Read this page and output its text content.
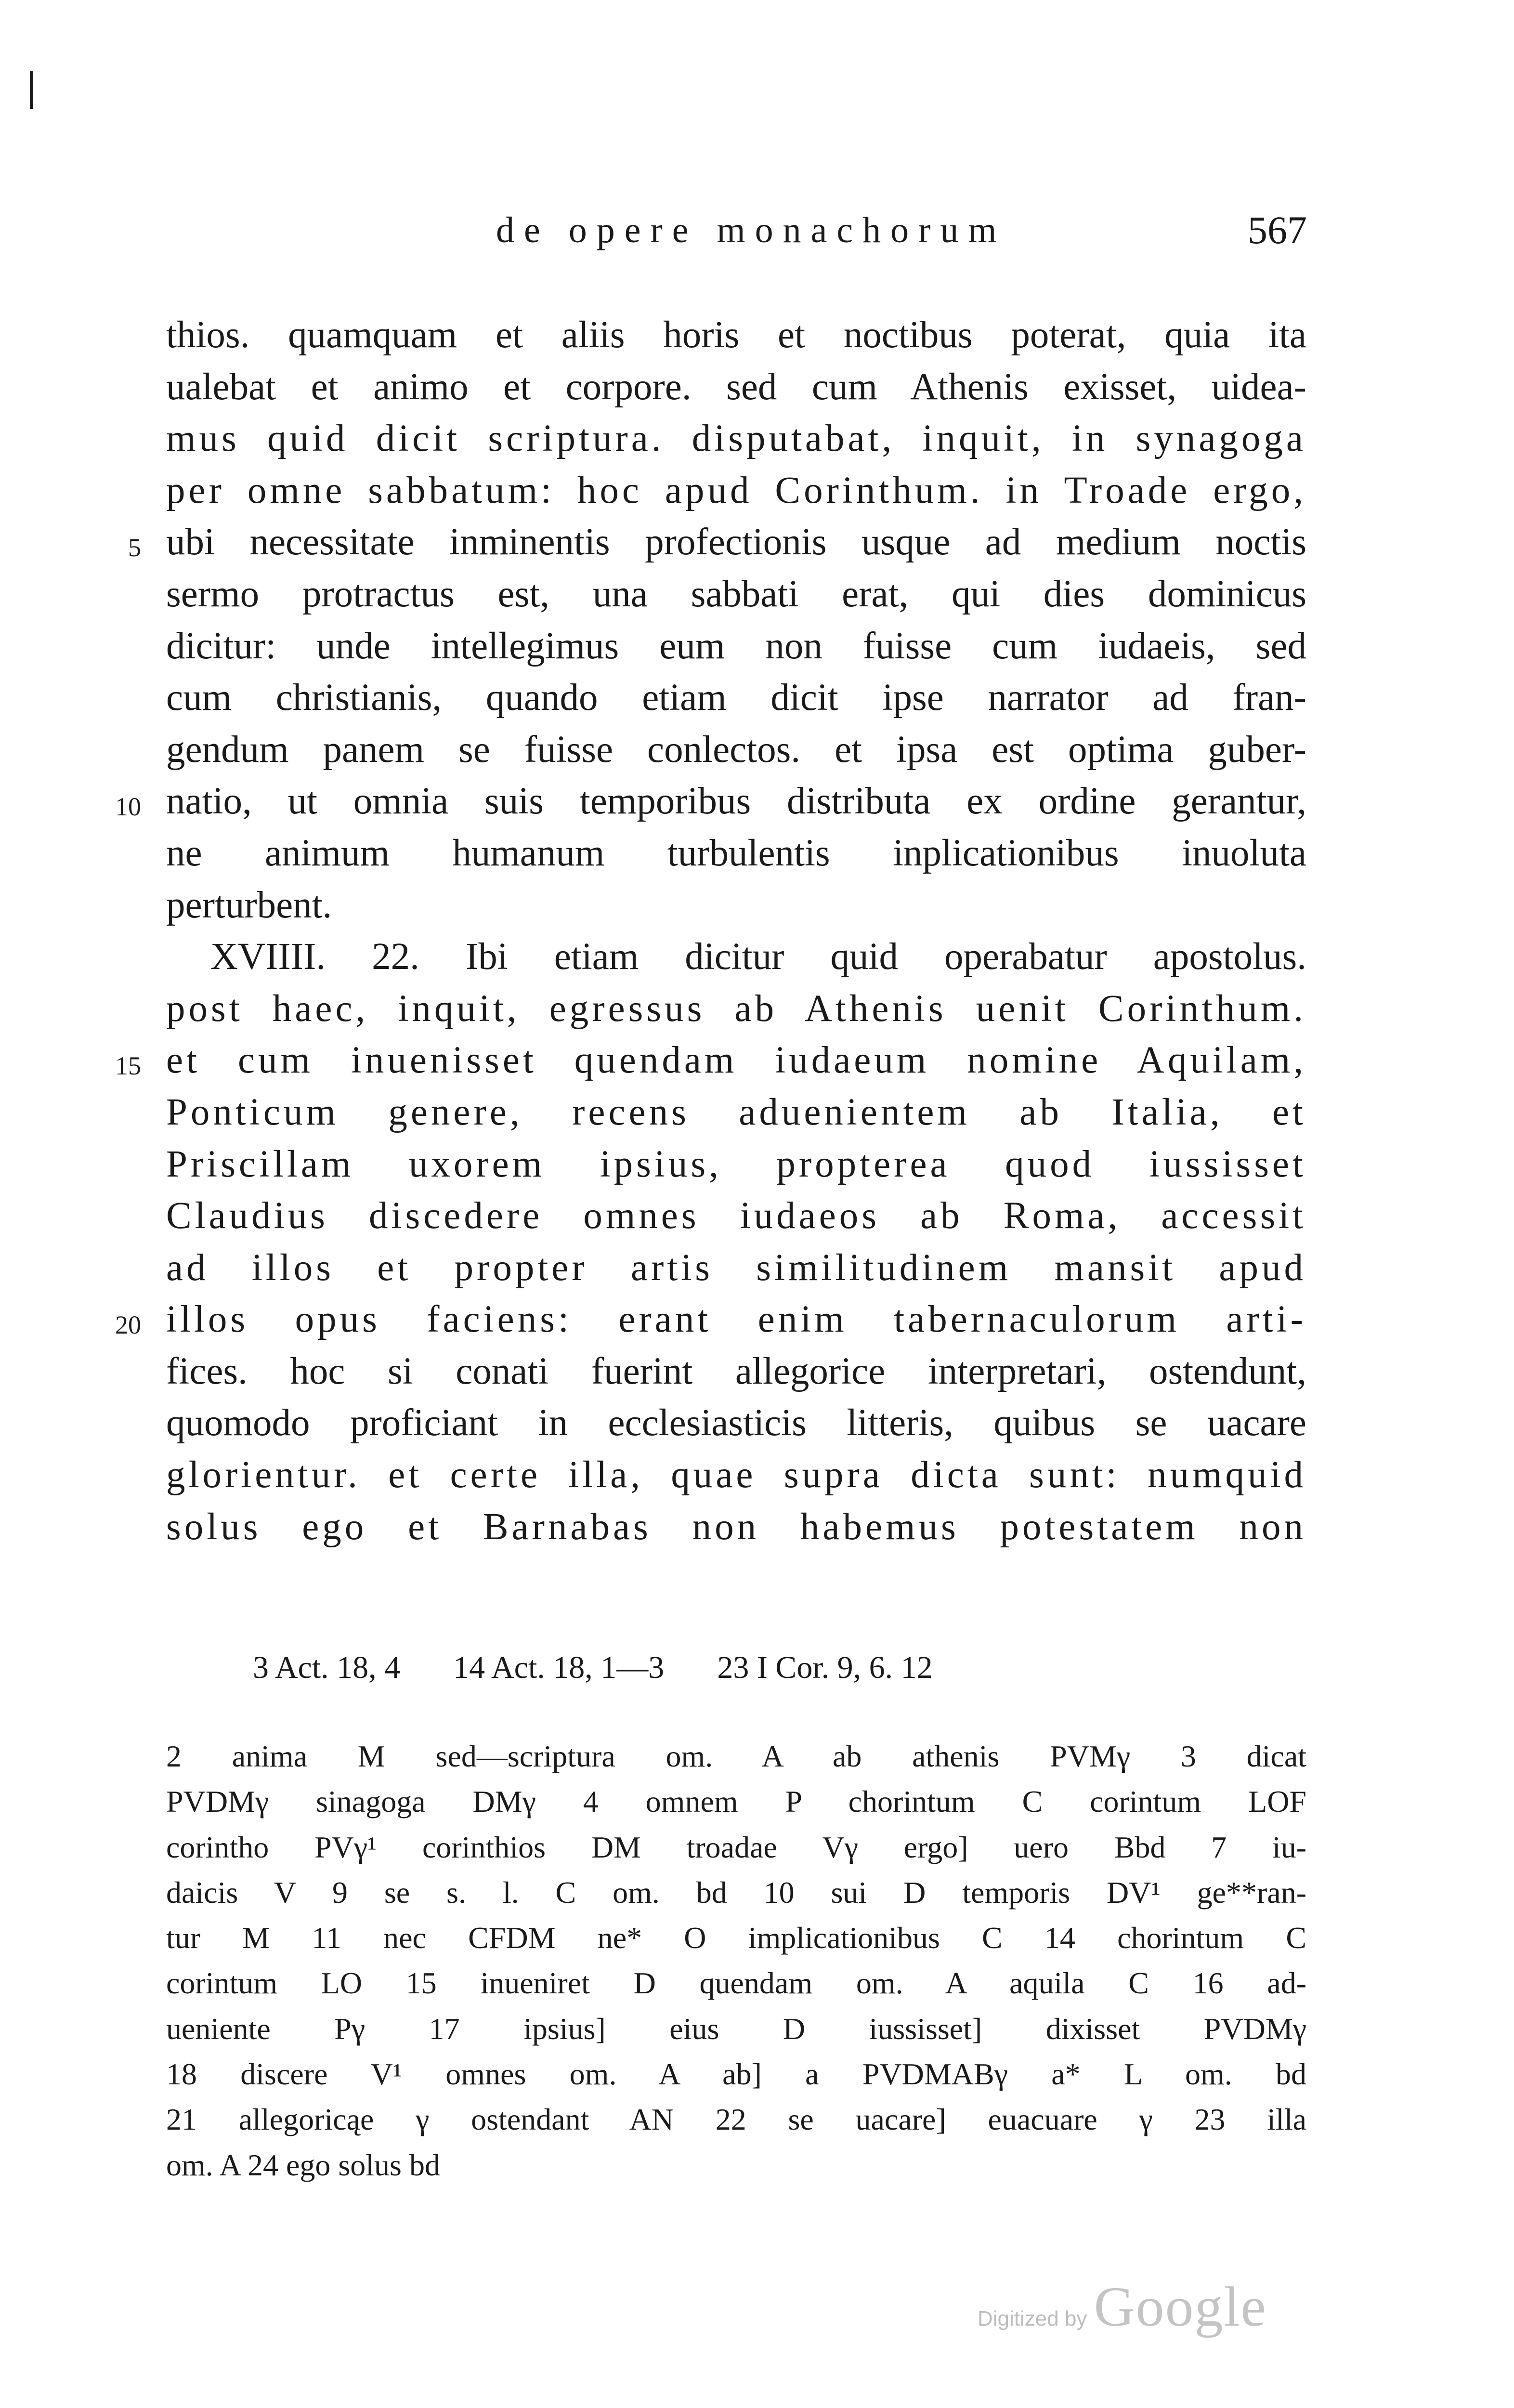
de opere monachorum	567
thios. quamquam et aliis horis et noctibus poterat, quia ita
ualebat et animo et corpore. sed cum Athenis exisset, uidea-
mus quid dicit scriptura. disputabat, inquit, in synagoga
per omne sabbatum: hoc apud Corinthum. in Troade ergo,
5 ubi necessitate inminentis profectionis usque ad medium noctis
sermo protractus est, una sabbati erat, qui dies dominicus
dicitur: unde intellegimus eum non fuisse cum iudaeis, sed
cum christianis, quando etiam dicit ipse narrator ad fran-
gendum panem se fuisse conlectos. et ipsa est optima guber-
10 natio, ut omnia suis temporibus distributa ex ordine gerantur,
ne animum humanum turbulentis inplicationibus inuoluta
perturbent.
XVIIII. 22. Ibi etiam dicitur quid operabatur apostolus.
post haec, inquit, egressus ab Athenis uenit Corinthum.
15 et cum inuenisset quendam iudaeum nomine Aquilam,
Ponticum genere, recens aduenientem ab Italia, et
Priscillam uxorem ipsius, propterea quod iussisset
Claudius discedere omnes iudaeos ab Roma, accessit
ad illos et propter artis similitudinem mansit apud
20 illos opus faciens: erant enim tabernaculorum arti-
fices. hoc si conati fuerint allegorice interpretari, ostendunt,
quomodo proficiant in ecclesiasticis litteris, quibus se uacare
glorientur. et certe illa, quae supra dicta sunt: numquid
solus ego et Barnabas non habemus potestatem non
3 Act. 18, 4 14 Act. 18, 1—3 23 I Cor. 9, 6. 12
2 anima M sed—scriptura om. A ab athenis PVMγ 3 dicat
PVDMγ sinagoga DMγ 4 omnem P chorintum C corintum LOF
corintho PVγ¹ corinthios DM troadae Vγ ergo] uero Bbd 7 iu-
daicis V 9 se s. l. C om. bd 10 sui D temporis DV¹ ge**ran-
tur M 11 nec CFDM ne* O implicationibus C 14 chorintum C
corintum LO 15 inueniret D quendam om. A aquila C 16 ad-
ueniente Pγ 17 ipsius] eius D iussisset] dixisset PVDMγ
18 discere V¹ omnes om. A ab] a PVDMABγ a* L om. bd
21 allegoricąe γ ostendant AN 22 se uacare] euacuare γ 23 illa
om. A 24 ego solus bd
Digitized by Google
